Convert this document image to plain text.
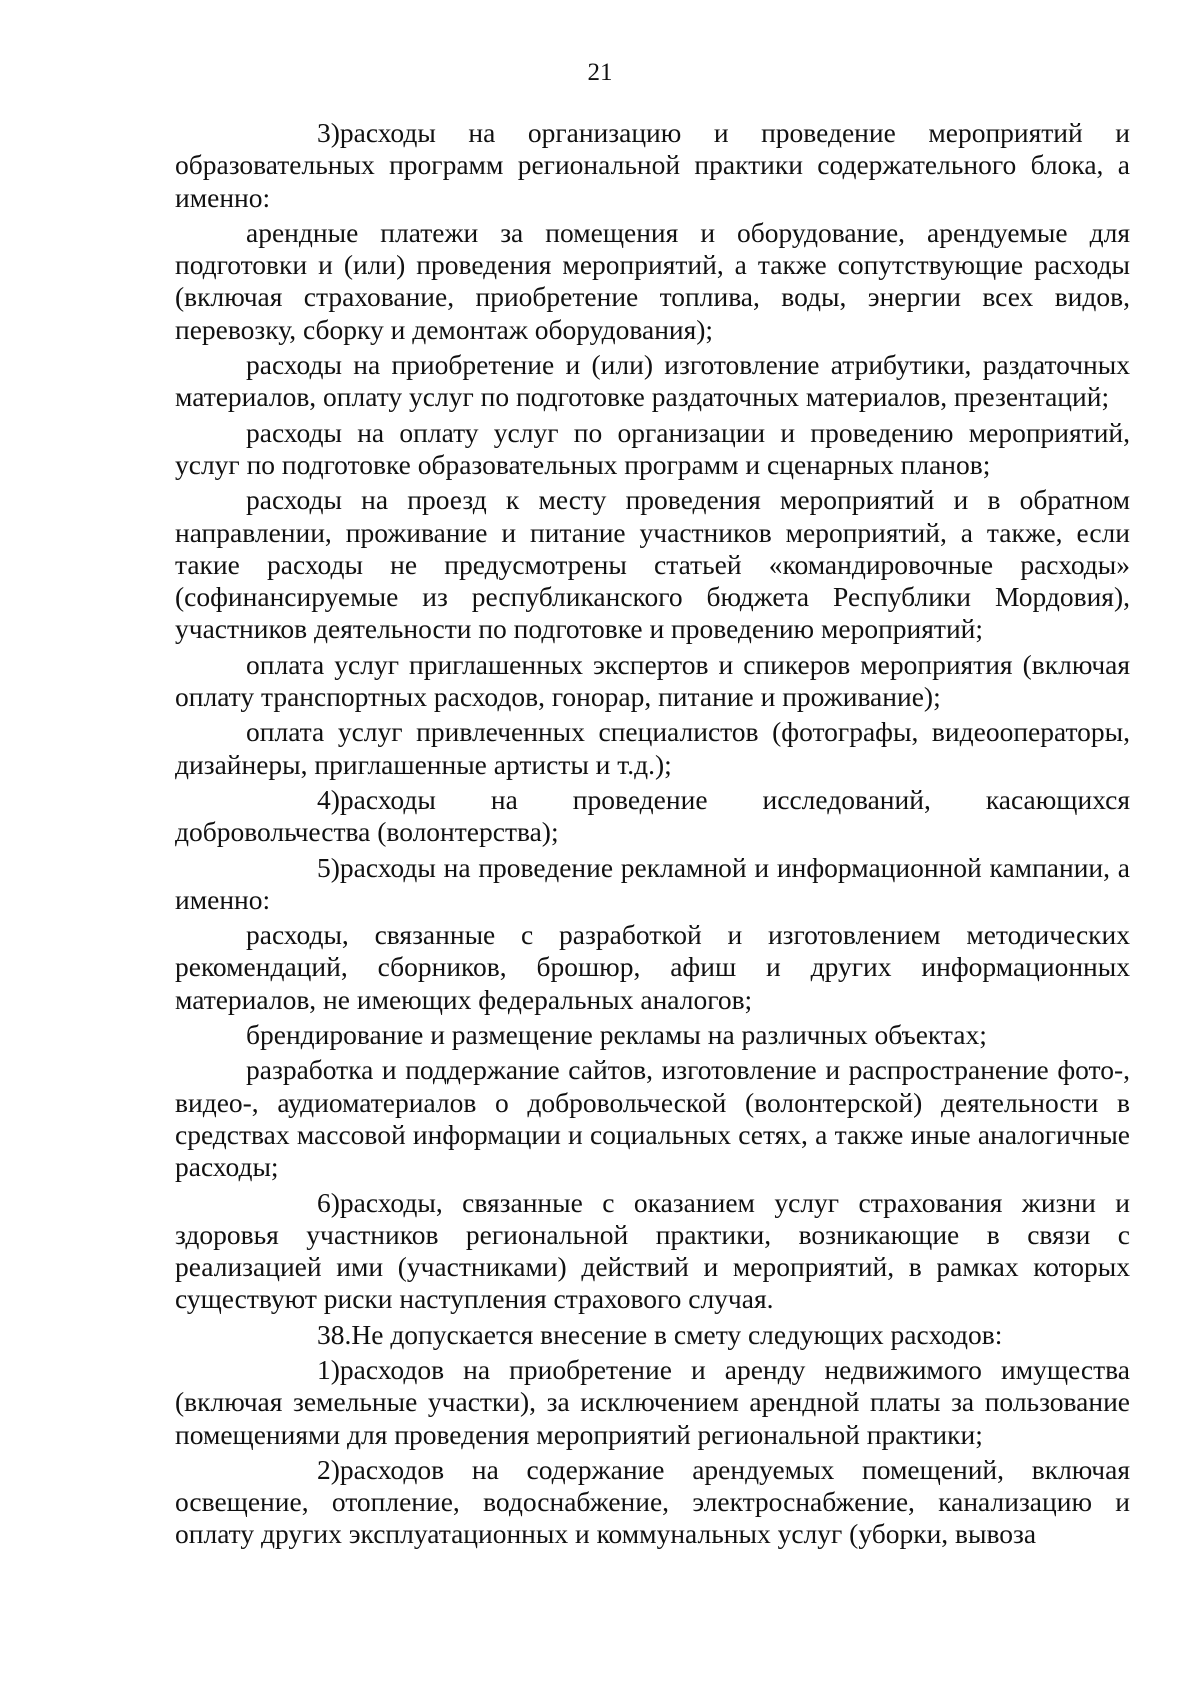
21

3)расходы на организацию и проведение мероприятий и образовательных программ региональной практики содержательного блока, а именно:

арендные платежи за помещения и оборудование, арендуемые для подготовки и (или) проведения мероприятий, а также сопутствующие расходы (включая страхование, приобретение топлива, воды, энергии всех видов, перевозку, сборку и демонтаж оборудования);

расходы на приобретение и (или) изготовление атрибутики, раздаточных материалов, оплату услуг по подготовке раздаточных материалов, презентаций;

расходы на оплату услуг по организации и проведению мероприятий, услуг по подготовке образовательных программ и сценарных планов;

расходы на проезд к месту проведения мероприятий и в обратном направлении, проживание и питание участников мероприятий, а также, если такие расходы не предусмотрены статьей «командировочные расходы» (софинансируемые из республиканского бюджета Республики Мордовия), участников деятельности по подготовке и проведению мероприятий;

оплата услуг приглашенных экспертов и спикеров мероприятия (включая оплату транспортных расходов, гонорар, питание и проживание);

оплата услуг привлеченных специалистов (фотографы, видеооператоры, дизайнеры, приглашенные артисты и т.д.);

4)расходы на проведение исследований, касающихся добровольчества (волонтерства);

5)расходы на проведение рекламной и информационной кампании, а именно:

расходы, связанные с разработкой и изготовлением методических рекомендаций, сборников, брошюр, афиш и других информационных материалов, не имеющих федеральных аналогов;

брендирование и размещение рекламы на различных объектах;

разработка и поддержание сайтов, изготовление и распространение фото-, видео-, аудиоматериалов о добровольческой (волонтерской) деятельности в средствах массовой информации и социальных сетях, а также иные аналогичные расходы;

6)расходы, связанные с оказанием услуг страхования жизни и здоровья участников региональной практики, возникающие в связи с реализацией ими (участниками) действий и мероприятий, в рамках которых существуют риски наступления страхового случая.

38.Не допускается внесение в смету следующих расходов:

1)расходов на приобретение и аренду недвижимого имущества (включая земельные участки), за исключением арендной платы за пользование помещениями для проведения мероприятий региональной практики;

2)расходов на содержание арендуемых помещений, включая освещение, отопление, водоснабжение, электроснабжение, канализацию и оплату других эксплуатационных и коммунальных услуг (уборки, вывоза
